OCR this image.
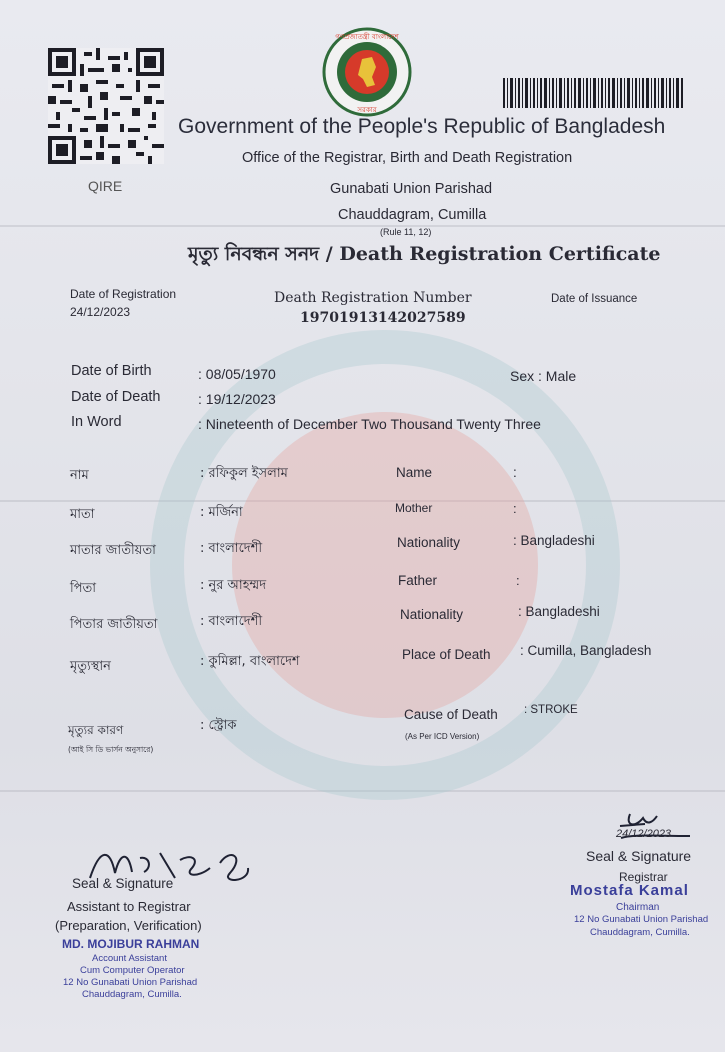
QIRE
গণপ্রজাতন্ত্রী বাংলাদেশ
সরকার
Government of the People's Republic of Bangladesh
Office of the Registrar, Birth and Death Registration
Gunabati Union Parishad
Chauddagram, Cumilla
(Rule 11, 12)
মৃত্যু নিবন্ধন সনদ / Death Registration Certificate
Date of Registration
24/12/2023
Death Registration Number
19701913142027589
Date of Issuance
Date of Birth	: 08/05/1970	Sex : Male
Date of Death	: 19/12/2023
In Word	: Nineteenth of December Two Thousand Twenty Three
নাম	: রফিকুল ইসলাম
মাতা	: মর্জিনা
মাতার জাতীয়তা	: বাংলাদেশী
পিতা	: নুর আহম্মদ
পিতার জাতীয়তা	: বাংলাদেশী
মৃত্যুস্থান	: কুমিল্লা, বাংলাদেশ
মৃত্যুর কারণ
(আই সি ডি ভার্সন অনুসারে)
: স্ট্রোক
Name	:
Mother	:
Nationality	: Bangladeshi
Father	:
Nationality	: Bangladeshi
Place of Death : Cumilla, Bangladesh
Cause of Death
(As Per ICD Version)
: STROKE
Seal & Signature
Assistant to Registrar
(Preparation, Verification)
MD. MOJIBUR RAHMAN
Account Assistant
Cum Computer Operator
12 No Gunabati Union Parishad
Chauddagram, Cumilla.
24/12/2023
Seal & Signature
Registrar
Mostafa Kamal
Chairman
12 No Gunabati Union Parishad
Chauddagram, Cumilla.
